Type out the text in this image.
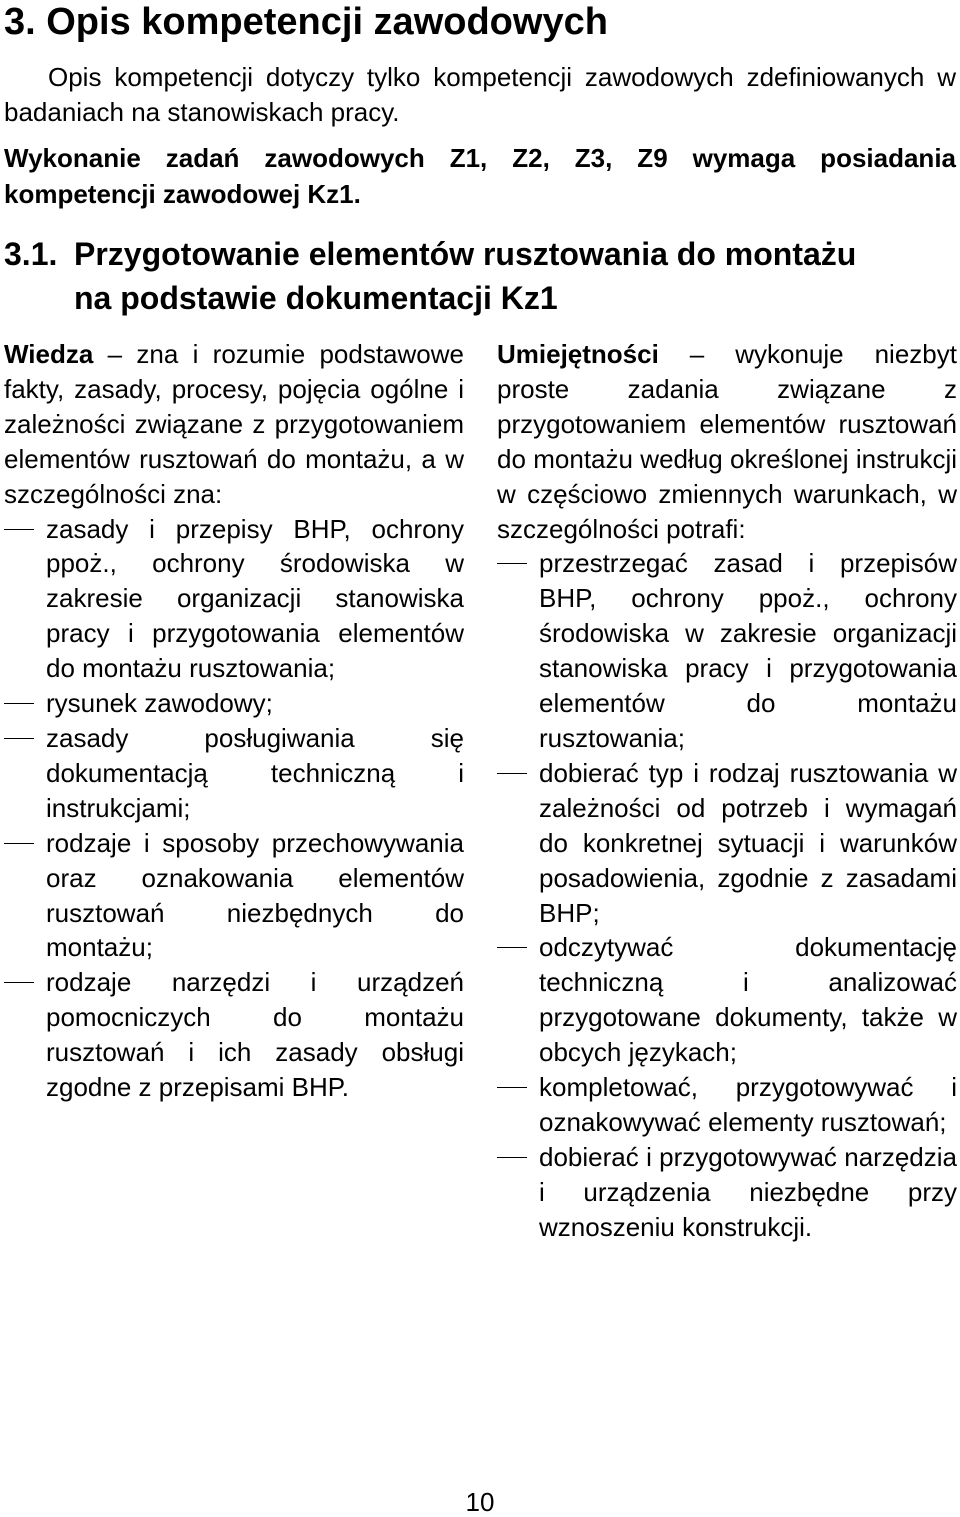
3. Opis kompetencji zawodowych

Opis kompetencji dotyczy tylko kompetencji zawodowych zdefiniowanych w badaniach na stanowiskach pracy.

Wykonanie zadań zawodowych Z1, Z2, Z3, Z9 wymaga posiadania kompetencji zawodowej Kz1.

3.1. Przygotowanie elementów rusztowania do montażu
na podstawie dokumentacji Kz1

Wiedza – zna i rozumie podstawowe fakty, zasady, procesy, pojęcia ogólne i zależności związane z przygotowaniem elementów rusztowań do montażu, a w szczególności zna:

zasady i przepisy BHP, ochrony ppoż., ochrony środowiska w zakresie organizacji stanowiska pracy i przygotowania elementów do montażu rusztowania;
rysunek zawodowy;
zasady posługiwania się dokumentacją techniczną i instrukcjami;
rodzaje i sposoby przechowywania oraz oznakowania elementów rusztowań niezbędnych do montażu;
rodzaje narzędzi i urządzeń pomocniczych do montażu rusztowań i ich zasady obsługi zgodne z przepisami BHP.

Umiejętności – wykonuje niezbyt proste zadania związane z przygotowaniem elementów rusztowań do montażu według określonej instrukcji w częściowo zmiennych warunkach, w szczególności potrafi:

przestrzegać zasad i przepisów BHP, ochrony ppoż., ochrony środowiska w zakresie organizacji stanowiska pracy i przygotowania elementów do montażu rusztowania;
dobierać typ i rodzaj rusztowania w zależności od potrzeb i wymagań do konkretnej sytuacji i warunków posadowienia, zgodnie z zasadami BHP;
odczytywać dokumentację techniczną i analizować przygotowane dokumenty, także w obcych językach;
kompletować, przygotowywać i oznakowywać elementy rusztowań;
dobierać i przygotowywać narzędzia i urządzenia niezbędne przy wznoszeniu konstrukcji.
10
